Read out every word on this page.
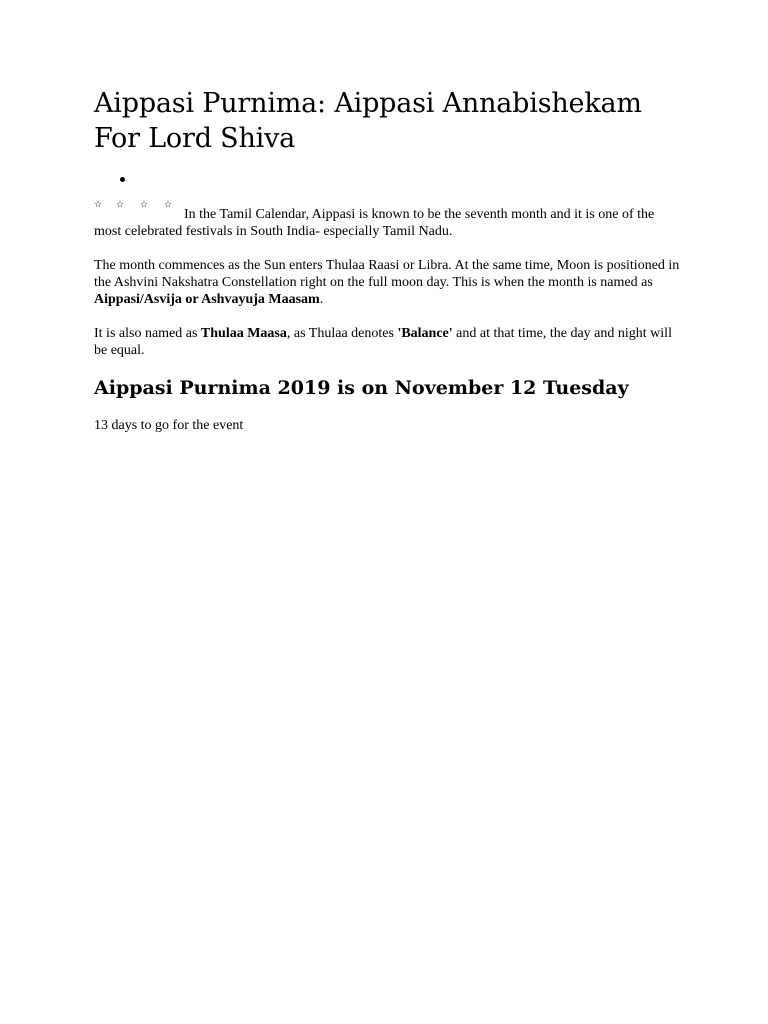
Aippasi Purnima: Aippasi Annabishekam For Lord Shiva

☆ ☆ ☆ ☆
In the Tamil Calendar, Aippasi is known to be the seventh month and it is one of the most celebrated festivals in South India- especially Tamil Nadu.

The month commences as the Sun enters Thulaa Raasi or Libra. At the same time, Moon is positioned in the Ashvini Nakshatra Constellation right on the full moon day. This is when the month is named as Aippasi/Asvija or Ashvayuja Maasam.

It is also named as Thulaa Maasa, as Thulaa denotes 'Balance' and at that time, the day and night will be equal.

Aippasi Purnima 2019 is on November 12 Tuesday

13 days to go for the event
